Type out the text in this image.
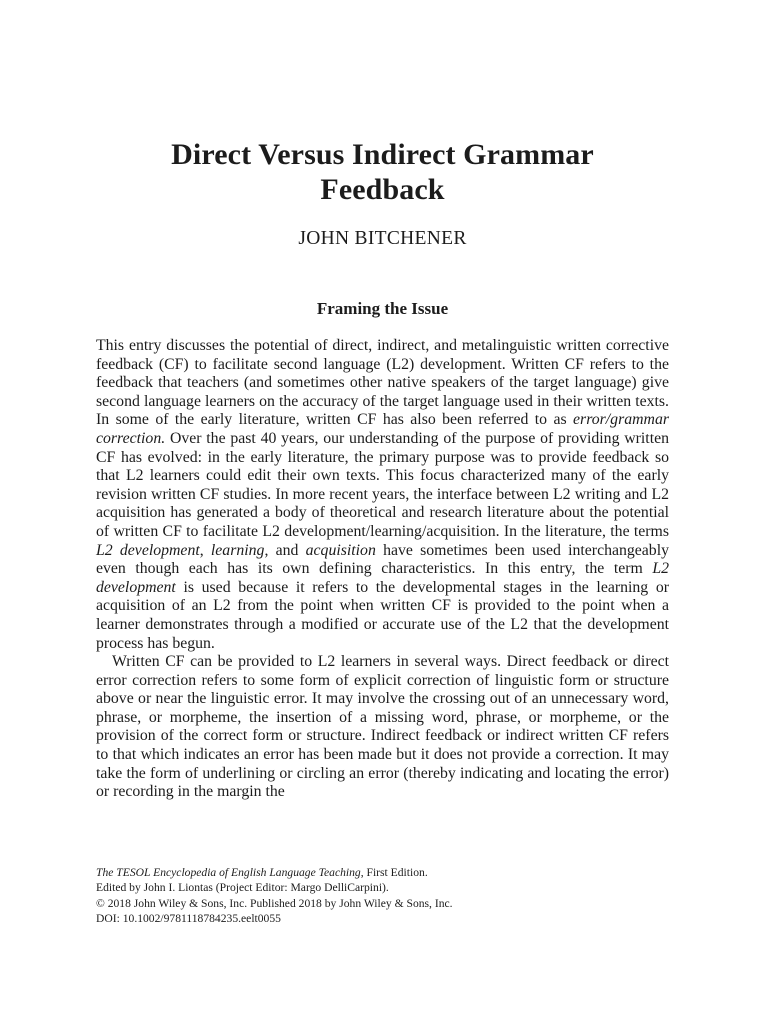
Direct Versus Indirect Grammar
Feedback
JOHN BITCHENER
Framing the Issue

This entry discusses the potential of direct, indirect, and metalinguistic written corrective feedback (CF) to facilitate second language (L2) development. Written CF refers to the feedback that teachers (and sometimes other native speakers of the target language) give second language learners on the accuracy of the target language used in their written texts. In some of the early literature, written CF has also been referred to as error/grammar correction. Over the past 40 years, our understanding of the purpose of providing written CF has evolved: in the early literature, the primary purpose was to provide feedback so that L2 learners could edit their own texts. This focus characterized many of the early revision written CF studies. In more recent years, the interface between L2 writing and L2 acquisition has generated a body of theoretical and research literature about the potential of written CF to facilitate L2 development/learning/acquisition. In the literature, the terms L2 development, learning, and acquisition have sometimes been used interchangeably even though each has its own defining characteristics. In this entry, the term L2 development is used because it refers to the developmental stages in the learning or acquisition of an L2 from the point when written CF is provided to the point when a learner demonstrates through a modified or accurate use of the L2 that the development process has begun.

Written CF can be provided to L2 learners in several ways. Direct feedback or direct error correction refers to some form of explicit correction of linguistic form or structure above or near the linguistic error. It may involve the crossing out of an unnecessary word, phrase, or morpheme, the insertion of a missing word, phrase, or morpheme, or the provision of the correct form or structure. Indirect feedback or indirect written CF refers to that which indicates an error has been made but it does not provide a correction. It may take the form of underlining or circling an error (thereby indicating and locating the error) or recording in the margin the

The TESOL Encyclopedia of English Language Teaching, First Edition.
Edited by John I. Liontas (Project Editor: Margo DelliCarpini).
© 2018 John Wiley & Sons, Inc. Published 2018 by John Wiley & Sons, Inc.
DOI: 10.1002/9781118784235.eelt0055
